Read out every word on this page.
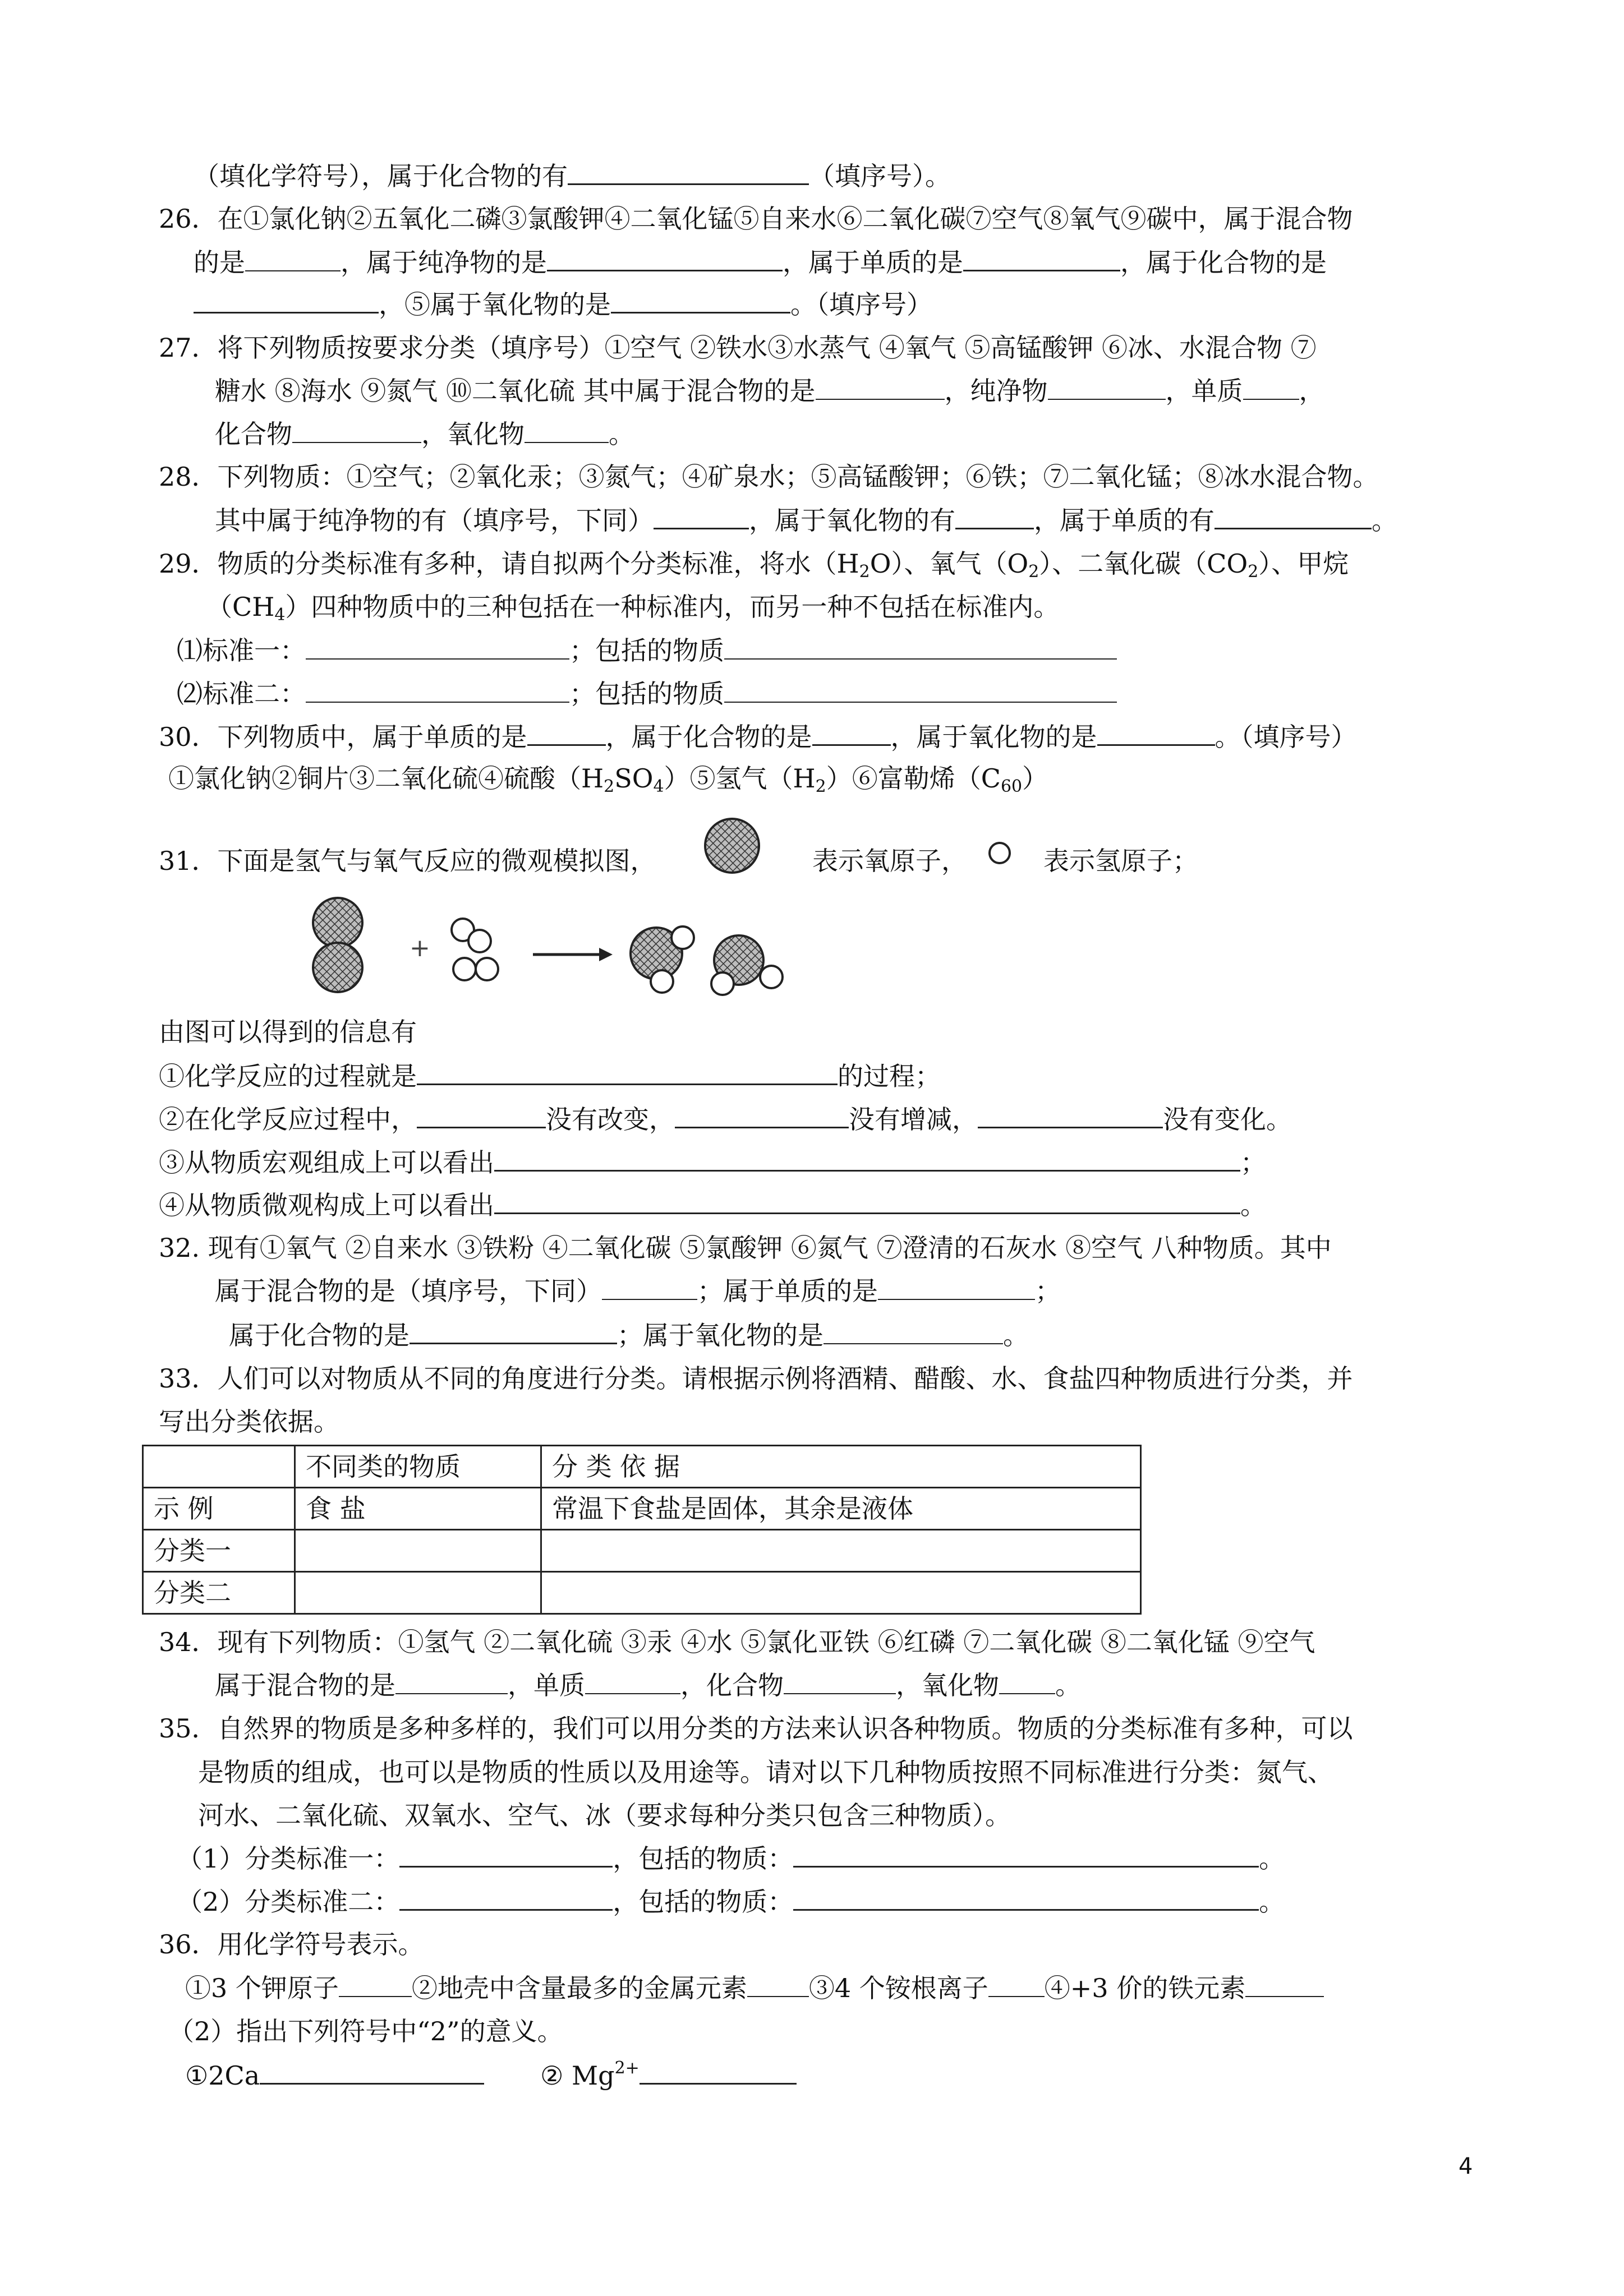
（填化学符号），属于化合物的有	（填序号）。
26．在①氯化钠②五氧化二磷③氯酸钾④二氧化锰⑤自来水⑥二氧化碳⑦空气⑧氧气⑨碳中，属于混合物
的是	，属于纯净物的是	，属于单质的是	，属于化合物的是
，⑤属于氧化物的是	。（填序号）
27．将下列物质按要求分类（填序号）①空气 ②铁水③水蒸气 ④氧气 ⑤高锰酸钾 ⑥冰、水混合物 ⑦
糖水 ⑧海水 ⑨氮气 ⑩二氧化硫 其中属于混合物的是	，纯净物	，单质 ，
化合物	，氧化物	。
28．下列物质：①空气；②氧化汞；③氮气；④矿泉水；⑤高锰酸钾；⑥铁；⑦二氧化锰；⑧冰水混合物。
其中属于纯净物的有（填序号，下同）	，属于氧化物的有	，属于单质的有	。
29．物质的分类标准有多种，请自拟两个分类标准，将水$(H_2O)$、氧气$(O_2)$、二氧化碳$(CO_2)$、甲烷
$(CH_4)$四种物质中的三种包括在一种标准内，而另一种不包括在标准内。
⑴标准一：	；包括的物质
⑵标准二：	；包括的物质
30．下列物质中，属于单质的是	，属于化合物的是	，属于氧化物的是	。（填序号）
①氯化钠②铜片③二氧化硫④硫酸$(H_2SO_4)⑤$氢气$(H_2)⑥$富勒烯$(C_{60})$
31．下面是氢气与氧气反应的微观模拟图，	表示氧原子，	表示氢原子；
+
由图可以得到的信息有
①化学反应的过程就是	的过程；
②在化学反应过程中，	没有改变，	没有增减，	没有变化。
③从物质宏观组成上可以看出	；
④从物质微观构成上可以看出	。
32. 现有①氧气 ②自来水 ③铁粉 ④二氧化碳 ⑤氯酸钾 ⑥氮气 ⑦澄清的石灰水 ⑧空气 八种物质。其中
属于混合物的是（填序号，下同）	；属于单质的是	；
属于化合物的是	；属于氧化物的是	。
33．人们可以对物质从不同的角度进行分类。请根据示例将酒精、醋酸、水、食盐四种物质进行分类，并
写出分类依据。
	不同类的物质	分 类 依 据
示 例	食 盐	常温下食盐是固体，其余是液体
分类一		
分类二		
34．现有下列物质：①氢气 ②二氧化硫 ③汞 ④水 ⑤氯化亚铁 ⑥红磷 ⑦二氧化碳 ⑧二氧化锰 ⑨空气
属于混合物的是	，单质	，化合物	，氧化物 。
35．自然界的物质是多种多样的，我们可以用分类的方法来认识各种物质。物质的分类标准有多种，可以
是物质的组成，也可以是物质的性质以及用途等。请对以下几种物质按照不同标准进行分类：氮气、
河水、二氧化硫、双氧水、空气、冰（要求每种分类只包含三种物质）。
（1）分类标准一：	，包括的物质：	。
（2）分类标准二：	，包括的物质：	。
36．用化学符号表示。
①3 个钾原子	②地壳中含量最多的金属元素 ③4 个铵根离子 ④+3 价的铁元素
（2）指出下列符号中“2”的意义。
①2Ca	② $Mg^{2+}$
4
